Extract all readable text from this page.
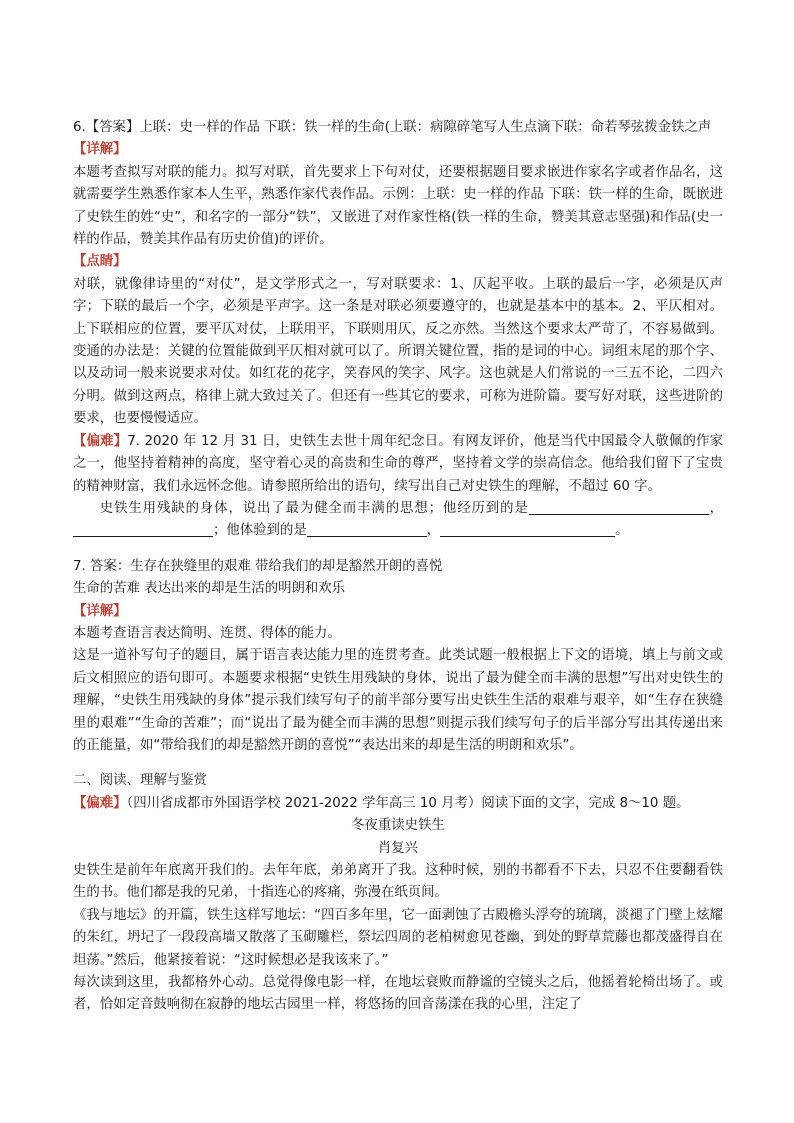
6.【答案】上联：史一样的作品 下联：铁一样的生命(上联：病隙碎笔写人生点滴下联：命若琴弦拨金铁之声

【详解】

本题考查拟写对联的能力。拟写对联，首先要求上下句对仗，还要根据题目要求嵌进作家名字或者作品名，这就需要学生熟悉作家本人生平，熟悉作家代表作品。示例：上联：史一样的作品 下联：铁一样的生命，既嵌进了史铁生的姓“史”，和名字的一部分“铁”，又嵌进了对作家性格(铁一样的生命，赞美其意志坚强)和作品(史一样的作品，赞美其作品有历史价值)的评价。

【点睛】

对联，就像律诗里的“对仗”，是文学形式之一，写对联要求：1、仄起平收。上联的最后一字，必须是仄声字；下联的最后一个字，必须是平声字。这一条是对联必须要遵守的，也就是基本中的基本。2、平仄相对。上下联相应的位置，要平仄对仗，上联用平，下联则用仄，反之亦然。当然这个要求太严苛了，不容易做到。变通的办法是：关键的位置能做到平仄相对就可以了。所谓关键位置，指的是词的中心。词组末尾的那个字、以及动词一般来说要求对仗。如红花的花字，笑春风的笑字、风字。这也就是人们常说的一三五不论，二四六分明。做到这两点，格律上就大致过关了。但还有一些其它的要求，可称为进阶篇。要写好对联，这些进阶的要求，也要慢慢适应。

【偏难】7. 2020 年 12 月 31 日，史铁生去世十周年纪念日。有网友评价，他是当代中国最令人敬佩的作家之一，他坚持着精神的高度，坚守着心灵的高贵和生命的尊严，坚持着文学的崇高信念。他给我们留下了宝贵的精神财富，我们永远怀念他。请参照所给出的语句，续写出自己对史铁生的理解，不超过 60 字。

史铁生用残缺的身体，说出了最为健全而丰满的思想；他经历到的是	，；他体验到的是	，	。

7. 答案：生存在狭缝里的艰难 带给我们的却是豁然开朗的喜悦

生命的苦难 表达出来的却是生活的明朗和欢乐

【详解】

本题考查语言表达简明、连贯、得体的能力。

这是一道补写句子的题目，属于语言表达能力里的连贯考查。此类试题一般根据上下文的语境，填上与前文或后文相照应的语句即可。本题要求根据“史铁生用残缺的身体，说出了最为健全而丰满的思想”写出对史铁生的理解，“史铁生用残缺的身体”提示我们续写句子的前半部分要写出史铁生生活的艰难与艰辛，如“生存在狭缝里的艰难”“生命的苦难”；而“说出了最为健全而丰满的思想”则提示我们续写句子的后半部分写出其传递出来的正能量，如“带给我们的却是豁然开朗的喜悦”“表达出来的却是生活的明朗和欢乐”。

二、阅读、理解与鉴赏

【偏难】（四川省成都市外国语学校 2021-2022 学年高三 10 月考）阅读下面的文字，完成 8～10 题。

冬夜重读史铁生

肖复兴

史铁生是前年年底离开我们的。去年年底，弟弟离开了我。这种时候，别的书都看不下去，只忍不住要翻看铁生的书。他们都是我的兄弟，十指连心的疼痛，弥漫在纸页间。

《我与地坛》的开篇，铁生这样写地坛：“四百多年里，它一面剥蚀了古殿檐头浮夸的琉璃，淡褪了门壁上炫耀的朱红，坍圮了一段段高墙又散落了玉砌雕栏，祭坛四周的老柏树愈见苍幽，到处的野草荒藤也都茂盛得自在坦荡。”然后，他紧接着说：“这时候想必是我该来了。”

每次读到这里，我都格外心动。总觉得像电影一样，在地坛衰败而静谧的空镜头之后，他摇着轮椅出场了。或者，恰如定音鼓响彻在寂静的地坛古园里一样，将悠扬的回音荡漾在我的心里，注定了
